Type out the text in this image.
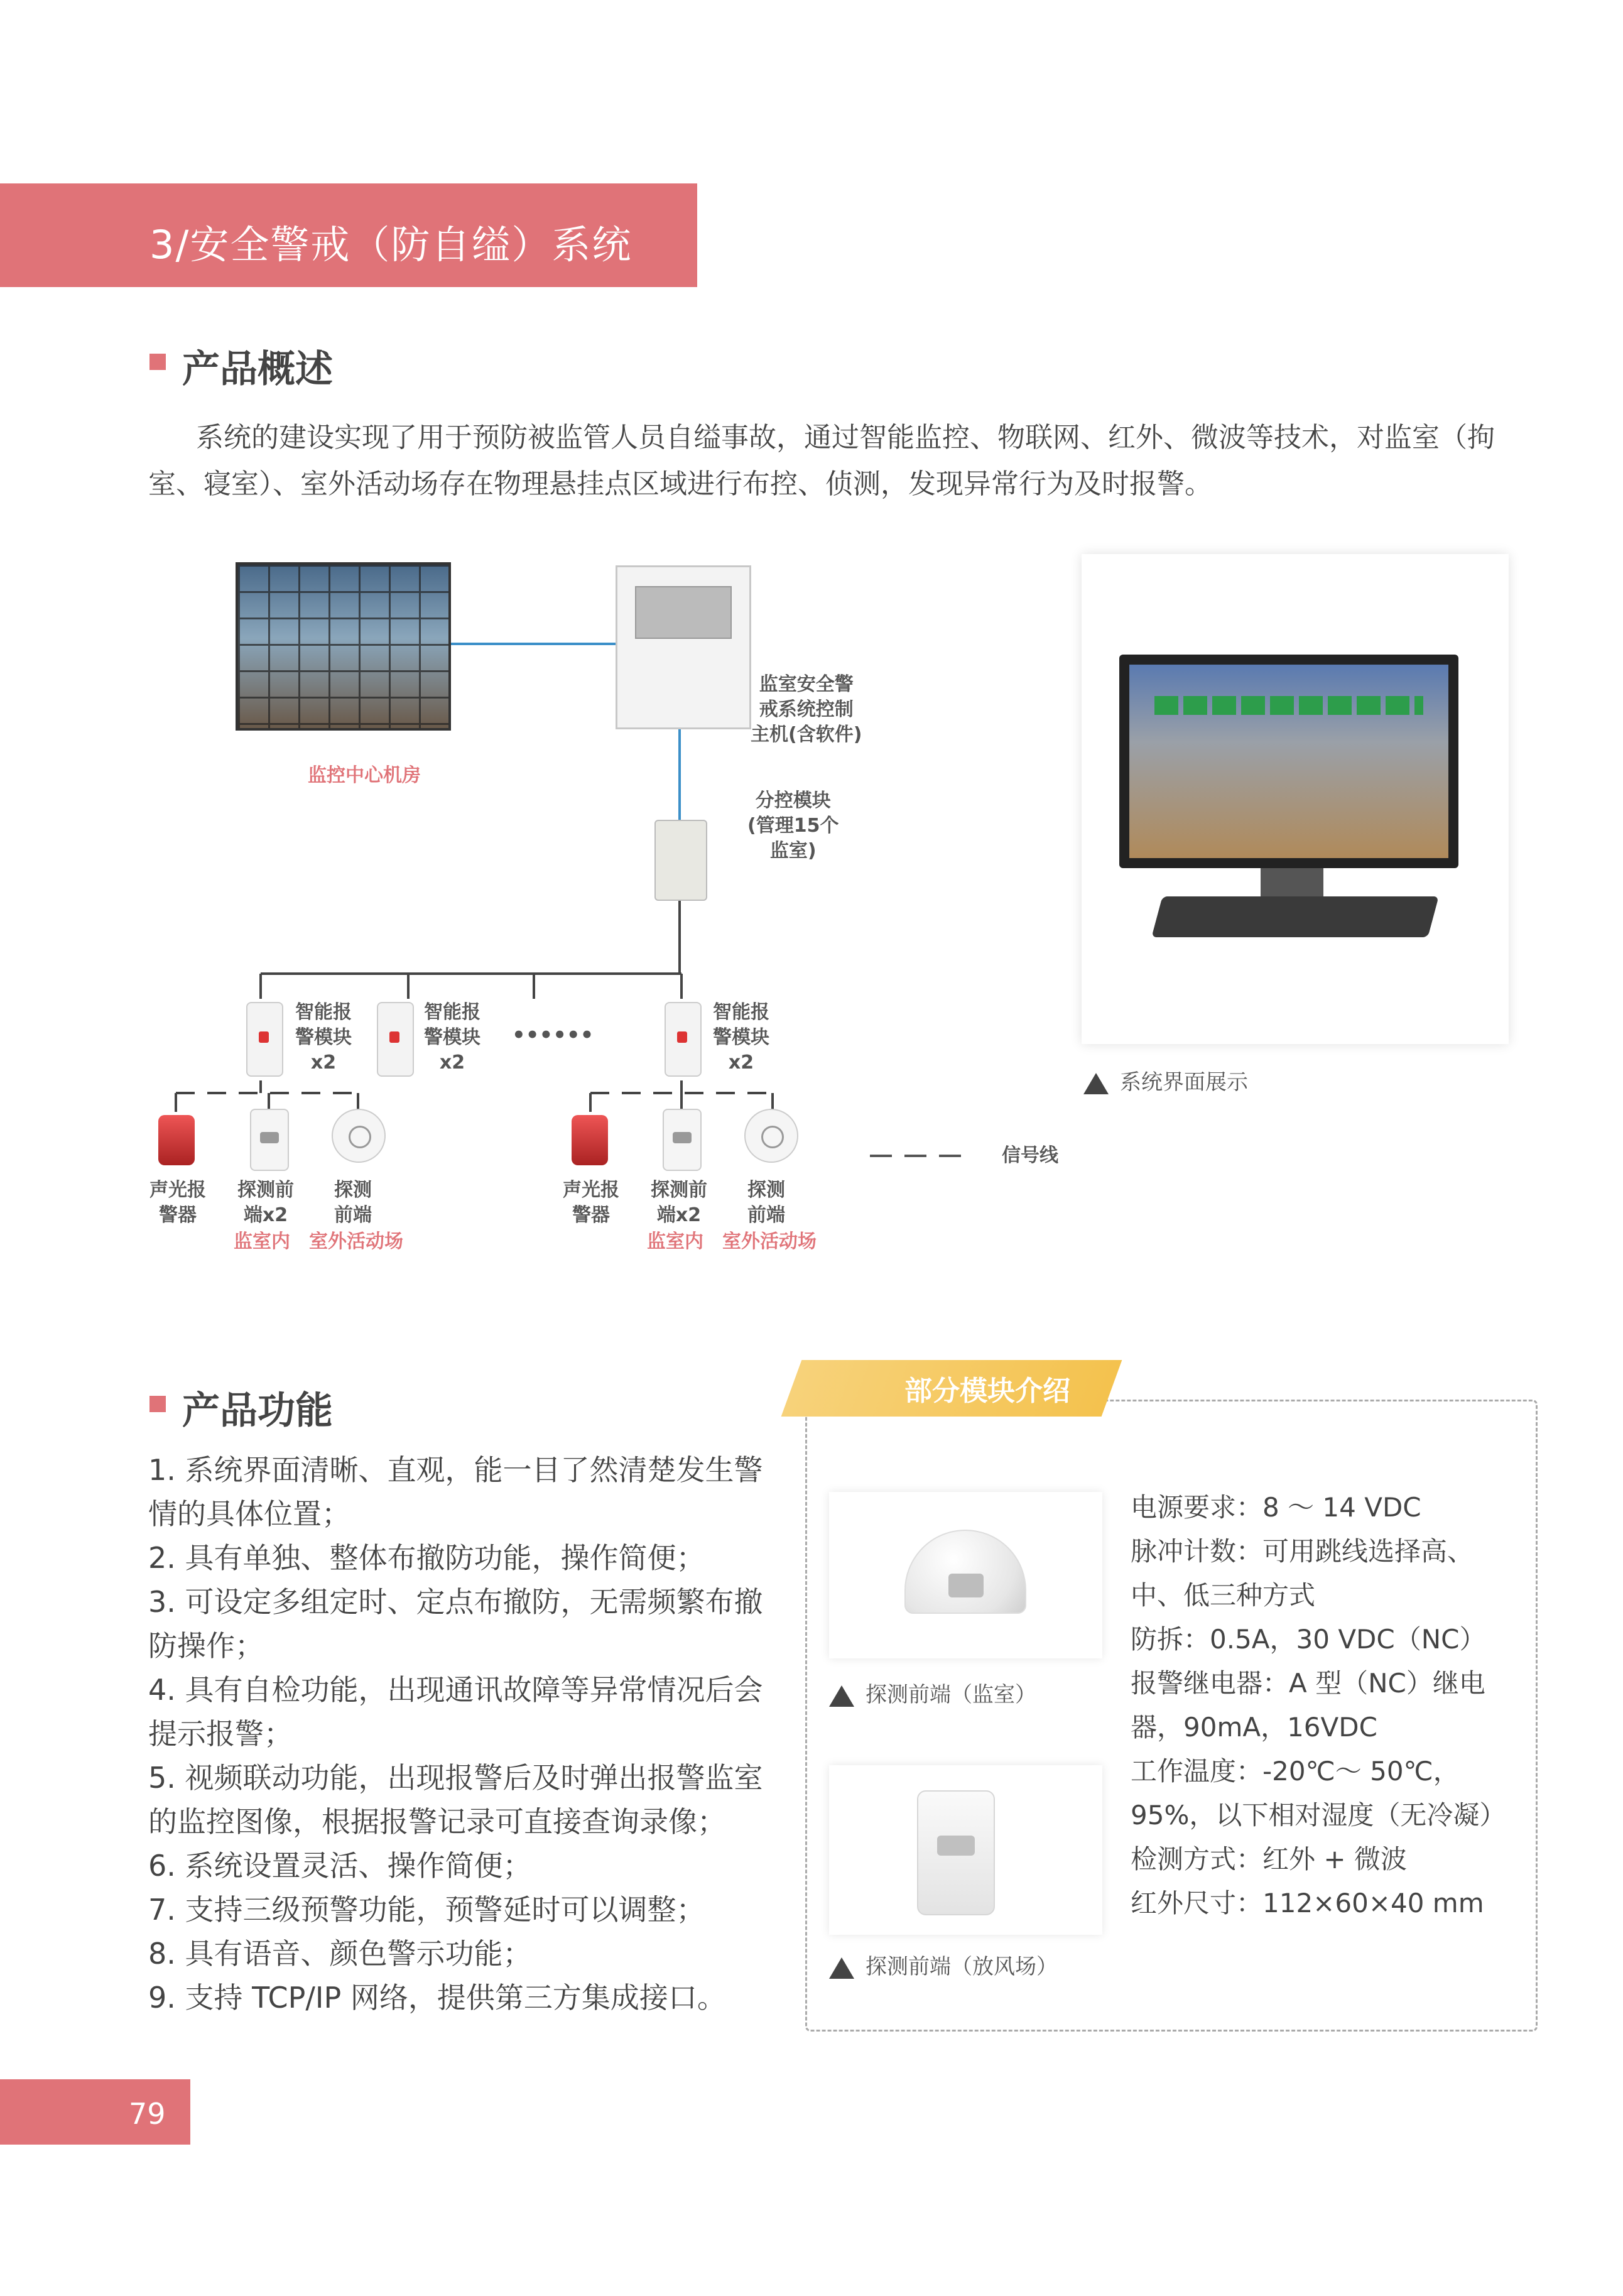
3/安全警戒（防自缢）系统
产品概述
系统的建设实现了用于预防被监管人员自缢事故，通过智能监控、物联网、红外、微波等技术，对监室（拘室、寝室）、室外活动场存在物理悬挂点区域进行布控、侦测，发现异常行为及时报警。
监控中心机房
监室安全警
戒系统控制
主机(含软件)
分控模块
(管理15个
监室)
智能报
警模块
x2
智能报
警模块
x2
••••••
智能报
警模块
x2
声光报
警器
探测前
端x2
探测
前端
监室内 室外活动场
声光报
警器
探测前
端x2
探测
前端
监室内 室外活动场
信号线
系统界面展示
产品功能
1. 系统界面清晰、直观，能一目了然清楚发生警情的具体位置；
2. 具有单独、整体布撤防功能，操作简便；
3. 可设定多组定时、定点布撤防，无需频繁布撤防操作；
4. 具有自检功能，出现通讯故障等异常情况后会提示报警；
5. 视频联动功能，出现报警后及时弹出报警监室的监控图像，根据报警记录可直接查询录像；
6. 系统设置灵活、操作简便；
7. 支持三级预警功能，预警延时可以调整；
8. 具有语音、颜色警示功能；
9. 支持 TCP/IP 网络，提供第三方集成接口。
部分模块介绍
探测前端（监室）
探测前端（放风场）
电源要求：8 ～ 14 VDC
脉冲计数：可用跳线选择高、中、低三种方式
防拆：0.5A，30 VDC（NC）
报警继电器：A 型（NC）继电器，90mA，16VDC
工作温度：-20℃～ 50℃，95%，以下相对湿度（无冷凝）
检测方式：红外 + 微波
红外尺寸：112×60×40 mm
79
